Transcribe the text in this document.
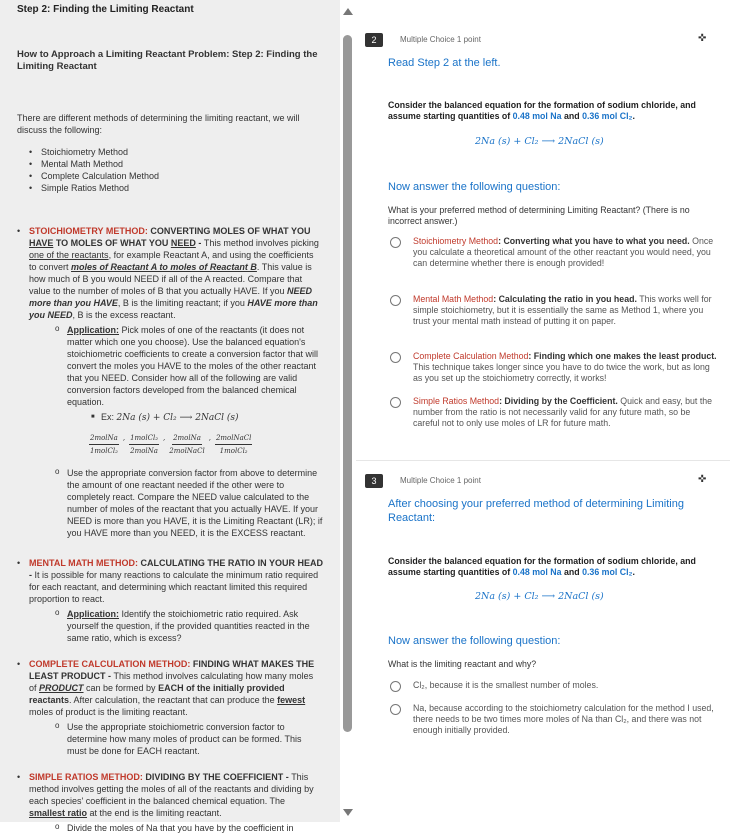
Step 2: Finding the Limiting Reactant
How to Approach a Limiting Reactant Problem: Step 2: Finding the Limiting Reactant
There are different methods of determining the limiting reactant, we will discuss the following:
• Stoichiometry Method
• Mental Math Method
• Complete Calculation Method
• Simple Ratios Method
• STOICHIOMETRY METHOD: CONVERTING MOLES OF WHAT YOU HAVE TO MOLES OF WHAT YOU NEED - This method involves picking one of the reactants, for example Reactant A, and using the coefficients to convert moles of Reactant A to moles of Reactant B. This value is how much of B you would NEED if all of the A reacted. Compare that value to the number of moles of B that you actually HAVE. If you NEED more than you HAVE, B is the limiting reactant; if you HAVE more than you NEED, B is the excess reactant.
o Application: Pick moles of one of the reactants (it does not matter which one you choose). Use the balanced equation's stoichiometric coefficients to create a conversion factor that will convert the moles you HAVE to the moles of the other reactant that you NEED. Consider how all of the following are valid conversion factors developed from the balanced chemical equation.
■ Ex: 2Na (s) + Cl₂ ⟶ 2NaCl (s)
$\frac{\text{2molNa}}{\text{1molCl₂}}$ , $\frac{\text{1molCl₂}}{\text{2molNa}}$ , $\frac{\text{2molNa}}{\text{2molNaCl}}$ , $\frac{\text{2molNaCl}}{\text{1molCl₂}}$
o Use the appropriate conversion factor from above to determine the amount of one reactant needed if the other were to completely react. Compare the NEED value calculated to the number of moles of the reactant that you actually HAVE. If your NEED is more than you HAVE, it is the Limiting Reactant (LR); if you HAVE more than you NEED, it is the EXCESS reactant.
• MENTAL MATH METHOD: CALCULATING THE RATIO IN YOUR HEAD - It is possible for many reactions to calculate the minimum ratio required for each reactant, and determining which reactant limited this required proportion to react.
o Application: Identify the stoichiometric ratio required. Ask yourself the question, if the provided quantities reacted in the same ratio, which is excess?
• COMPLETE CALCULATION METHOD: FINDING WHAT MAKES THE LEAST PRODUCT - This method involves calculating how many moles of PRODUCT can be formed by EACH of the initially provided reactants. After calculation, the reactant that can produce the fewest moles of product is the limiting reactant.
o Use the appropriate stoichiometric conversion factor to determine how many moles of product can be formed. This must be done for EACH reactant.
• SIMPLE RATIOS METHOD: DIVIDING BY THE COEFFICIENT - This method involves getting the moles of all of the reactants and dividing by each species' coefficient in the balanced chemical equation. The smallest ratio at the end is the limiting reactant.
o Divide the moles of Na that you have by the coefficient in
2	Multiple Choice 1 point	✜
Read Step 2 at the left.
Consider the balanced equation for the formation of sodium chloride, and assume starting quantities of 0.48 mol Na and 0.36 mol Cl₂.
2Na (s) + Cl₂ ⟶ 2NaCl (s)
Now answer the following question:
What is your preferred method of determining Limiting Reactant? (There is no incorrect answer.)
Stoichiometry Method: Converting what you have to what you need. Once you calculate a theoretical amount of the other reactant you would need, you can determine whether there is enough provided!
Mental Math Method: Calculating the ratio in you head. This works well for simple stoichiometry, but it is essentially the same as Method 1, where you trust your mental math instead of putting it on paper.
Complete Calculation Method: Finding which one makes the least product. This technique takes longer since you have to do twice the work, but as long as you set up the stoichiometry correctly, it works!
Simple Ratios Method: Dividing by the Coefficient. Quick and easy, but the number from the ratio is not necessarily valid for any future math, so be careful not to only use moles of LR for future math.
3	Multiple Choice 1 point	✜
After choosing your preferred method of determining Limiting Reactant:
Consider the balanced equation for the formation of sodium chloride, and assume starting quantities of 0.48 mol Na and 0.36 mol Cl₂.
2Na (s) + Cl₂ ⟶ 2NaCl (s)
Now answer the following question:
What is the limiting reactant and why?
Cl₂, because it is the smallest number of moles.
Na, because according to the stoichiometry calculation for the method I used, there needs to be two times more moles of Na than Cl₂, and there was not enough initially provided.
